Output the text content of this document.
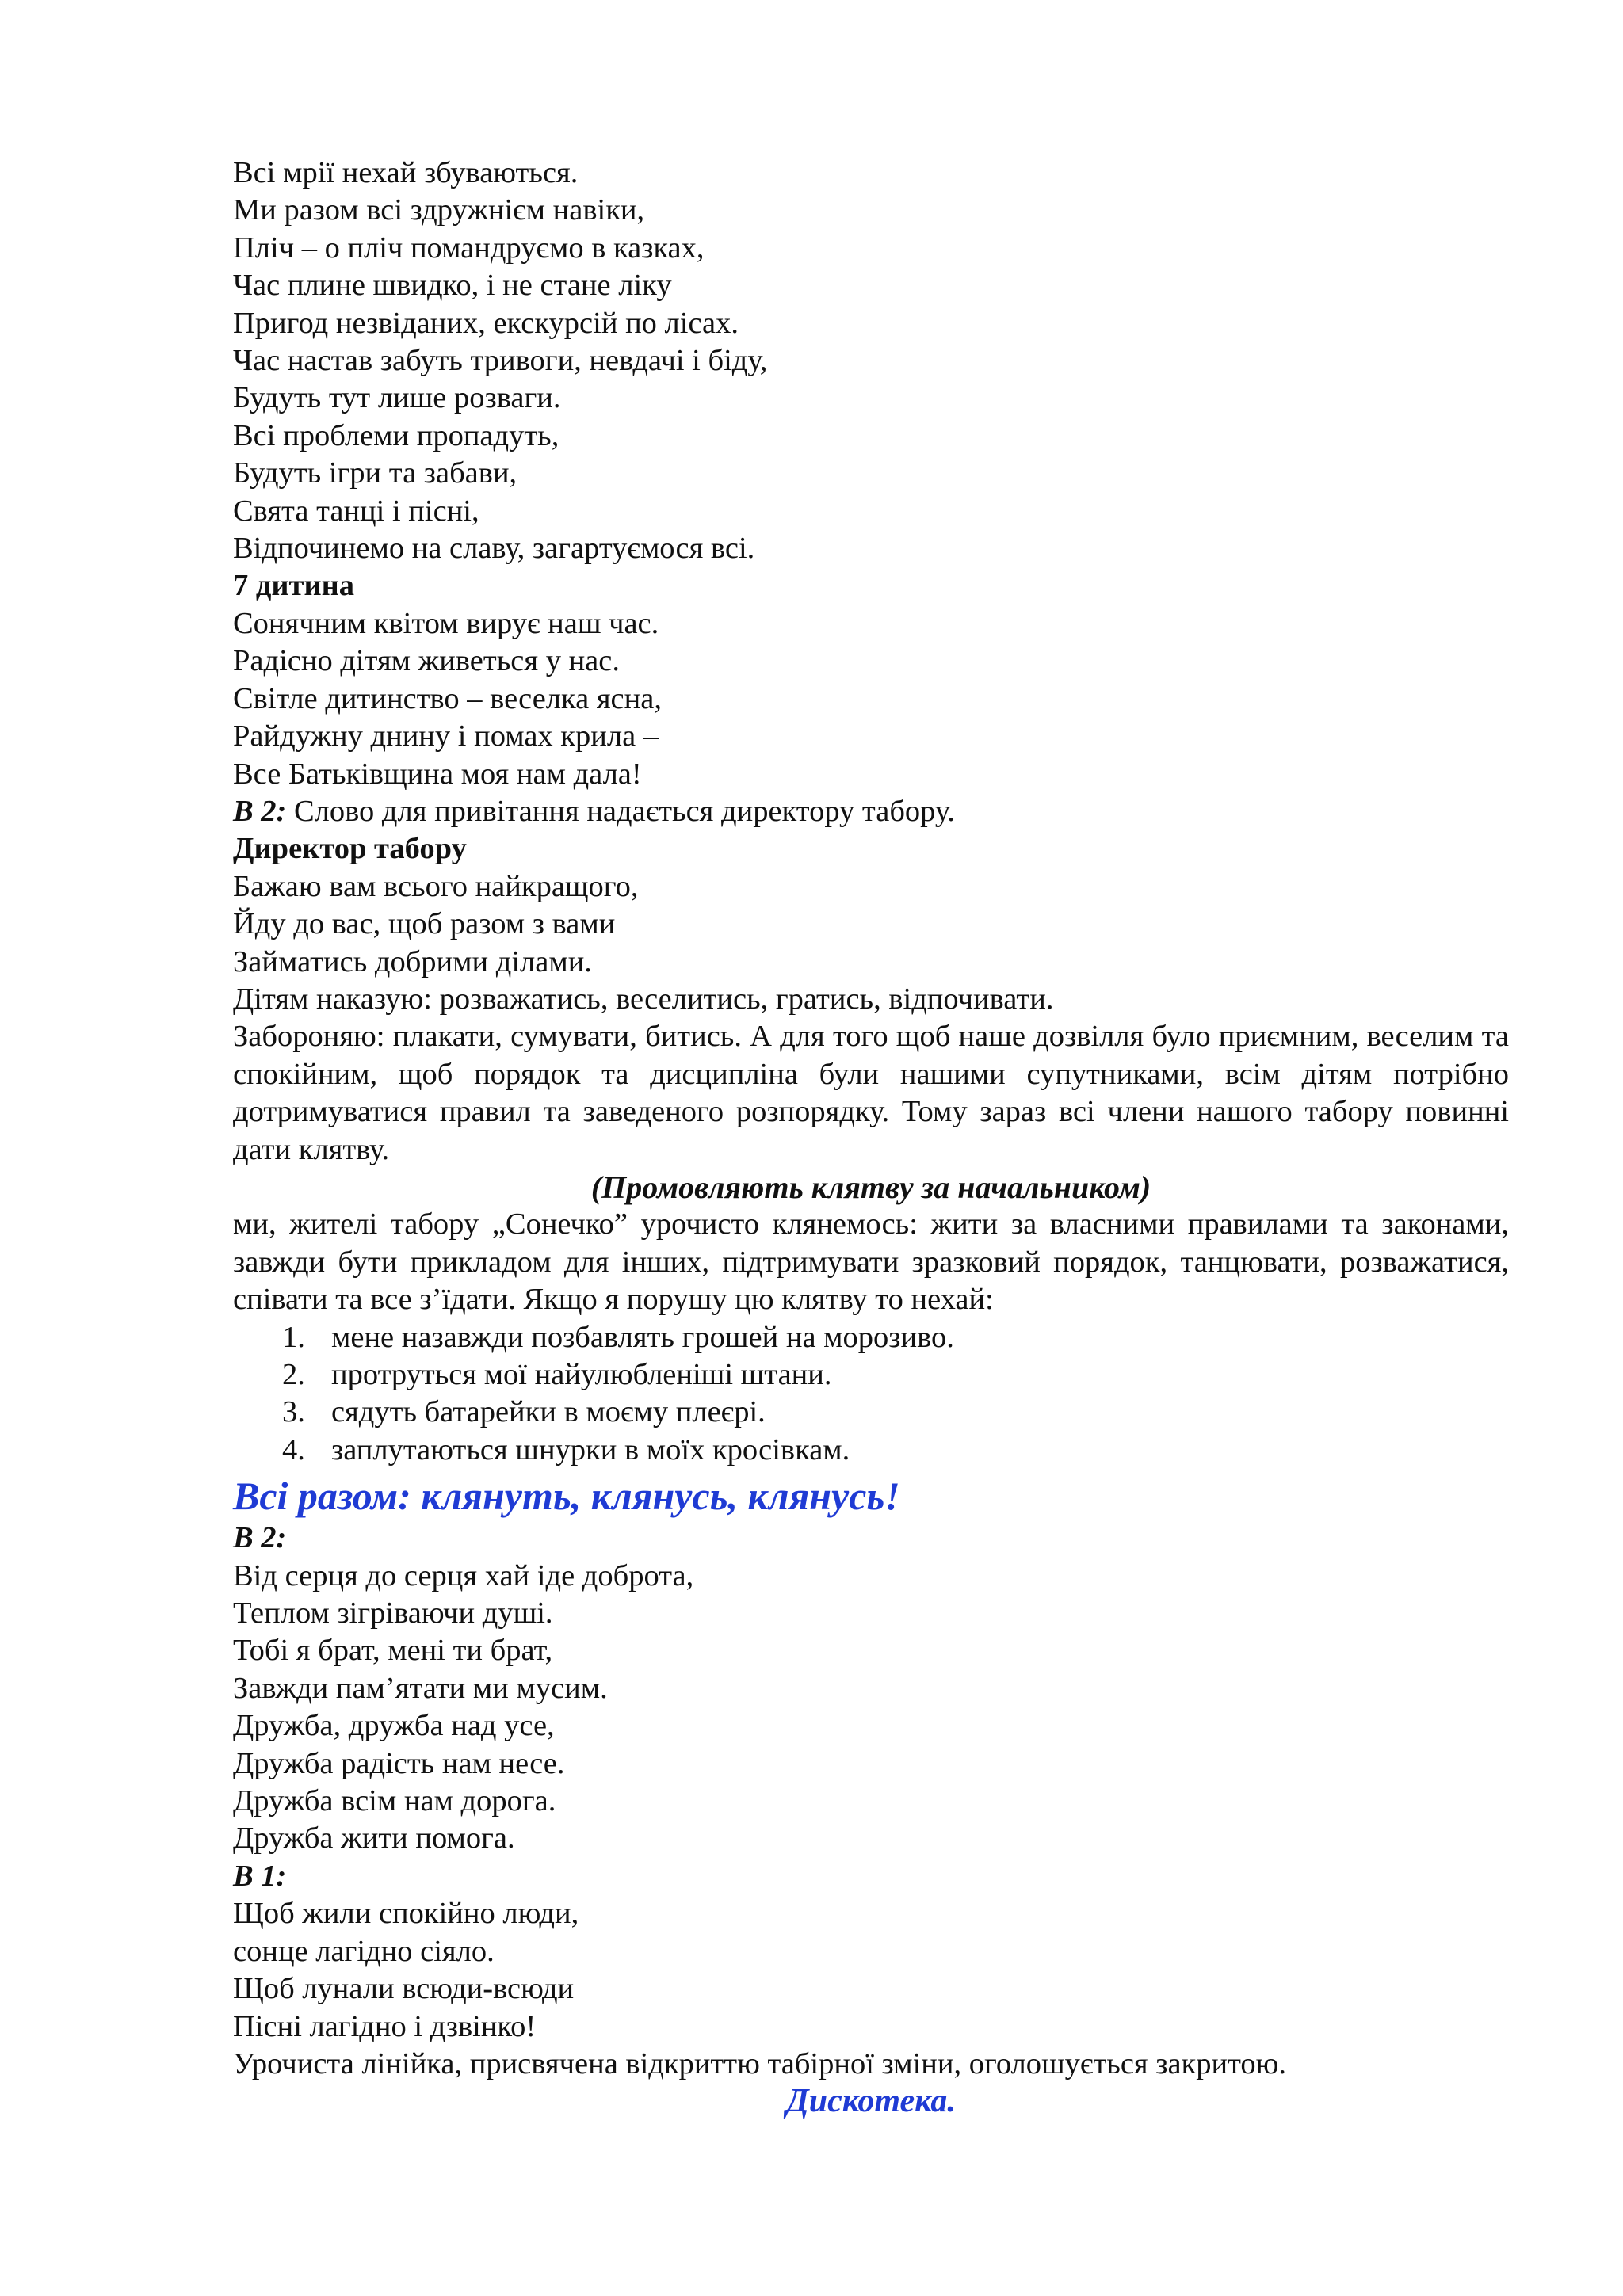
Всі мрії нехай збуваються.
Ми разом всі здружнієм навіки,
Пліч – о пліч помандруємо в казках,
Час плине швидко, і не стане ліку
Пригод незвіданих, екскурсій по лісах.
Час настав забуть тривоги, невдачі і біду,
Будуть тут лише розваги.
Всі проблеми пропадуть,
Будуть ігри та забави,
Свята танці і пісні,
Відпочинемо на славу, загартуємося всі.
7 дитина
Сонячним квітом вирує наш час.
Радісно дітям живеться у нас.
Світле дитинство – веселка ясна,
Райдужну днину і помах крила –
Все Батьківщина моя нам дала!
В 2: Слово для привітання надається директору табору.
Директор табору
Бажаю вам всього найкращого,
Йду до вас, щоб разом з вами
Займатись добрими ділами.
Дітям наказую: розважатись, веселитись, гратись, відпочивати.
Забороняю: плакати, сумувати, битись. А для того щоб наше дозвілля було приємним, веселим та спокійним, щоб порядок та дисципліна були нашими супутниками, всім дітям потрібно дотримуватися правил та заведеного розпорядку. Тому зараз всі члени нашого табору повинні дати клятву.
(Промовляють клятву за начальником)
ми, жителі табору „Сонечко” урочисто клянемось: жити за власними правилами та законами, завжди бути прикладом для інших, підтримувати зразковий порядок, танцювати, розважатися, співати та все з’їдати. Якщо я порушу цю клятву то нехай:
1. мене назавжди позбавлять грошей на морозиво.
2. протруться мої найулюбленіші штани.
3. сядуть батарейки в моєму плеєрі.
4. заплутаються шнурки в моїх кросівкам.
Всі разом: клянуть, клянусь, клянусь!
В 2:
Від серця до серця хай іде доброта,
Теплом зігріваючи душі.
Тобі я брат, мені ти брат,
Завжди пам’ятати ми мусим.
Дружба, дружба над усе,
Дружба радість нам несе.
Дружба всім нам дорога.
Дружба жити помога.
В 1:
Щоб жили спокійно люди,
сонце лагідно сіяло.
Щоб лунали всюди-всюди
Пісні лагідно і дзвінко!
Урочиста лінійка, присвячена відкриттю табірної зміни, оголошується закритою.
Дискотека.
